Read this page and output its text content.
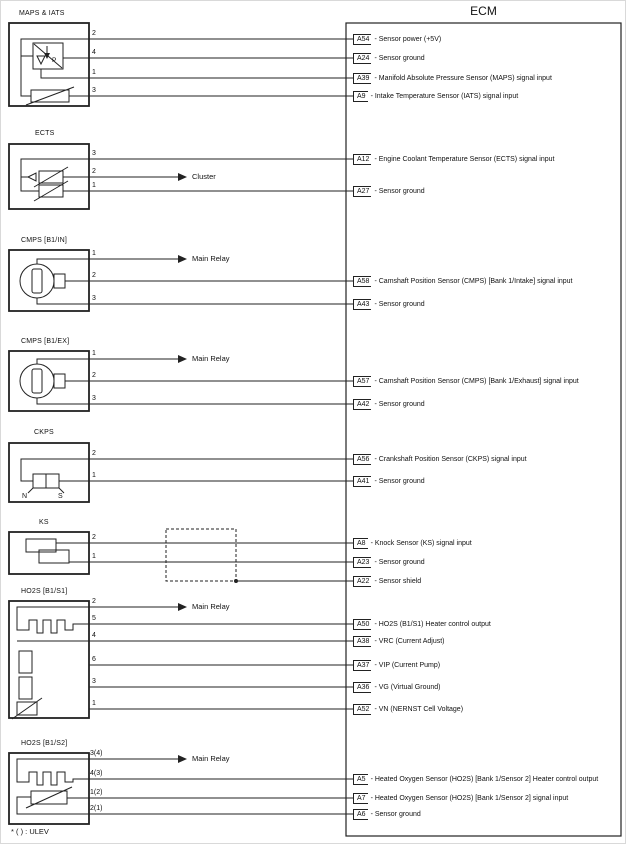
P
N	S
ECM
MAPS & IATS
ECTS
CMPS [B1/IN]
CMPS [B1/EX]
CKPS
KS
HO2S [B1/S1]
HO2S [B1/S2]
Cluster
Main Relay
Main Relay
Main Relay
Main Relay
2
4
1
3
3
2
1
1
2
3
1
2
3
2
1
2
1
2
5
4
6
3
1
3(4)
4(3)
1(2)
2(1)
A54 - Sensor power (+5V)
A24 - Sensor ground
A39 - Manifold Absolute Pressure Sensor (MAPS) signal input
A9 - Intake Temperature Sensor (IATS) signal input
A12 - Engine Coolant Temperature Sensor (ECTS) signal input
A27 - Sensor ground
A58 - Camshaft Position Sensor (CMPS) [Bank 1/Intake] signal input
A43 - Sensor ground
A57 - Camshaft Position Sensor (CMPS) [Bank 1/Exhaust] signal input
A42 - Sensor ground
A56 - Crankshaft Position Sensor (CKPS) signal input
A41 - Sensor ground
A8 - Knock Sensor (KS) signal input
A23 - Sensor ground
A22 - Sensor shield
A50 - HO2S (B1/S1) Heater control output
A38 - VRC (Current Adjust)
A37 - VIP (Current Pump)
A36 - VG (Virtual Ground)
A52 - VN (NERNST Cell Voltage)
A5 - Heated Oxygen Sensor (HO2S) [Bank 1/Sensor 2] Heater control output
A7 - Heated Oxygen Sensor (HO2S) [Bank 1/Sensor 2] signal input
A6 - Sensor ground
* ( ) : ULEV
